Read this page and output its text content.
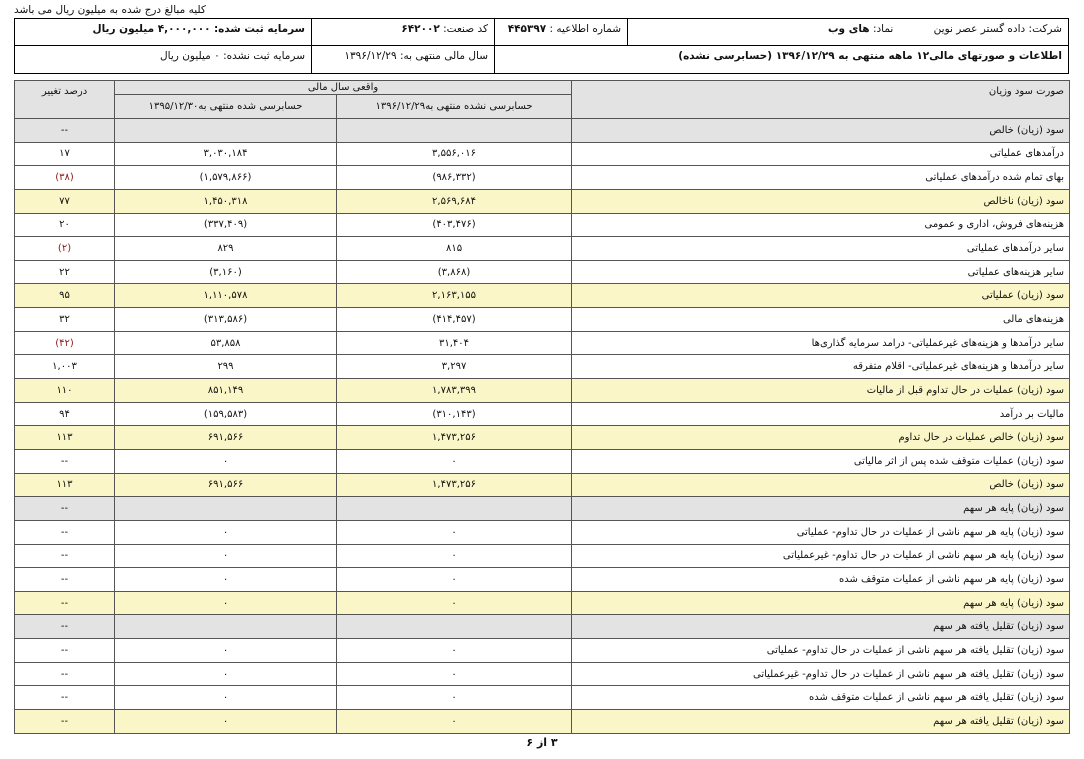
کلیه مبالغ درج شده به میلیون ریال می باشد
شرکت: داده گستر عصر نوین
نماد: های وب
شماره اطلاعیه : ۴۴۵۳۹۷
کد صنعت: ۶۴۲۰۰۲
سرمایه ثبت شده: ۴,۰۰۰,۰۰۰ میلیون ریال
اطلاعات و صورتهای مالی۱۲ ماهه منتهی به ۱۳۹۶/۱۲/۲۹ (حسابرسی نشده)
سال مالی منتهی به: ۱۳۹۶/۱۲/۲۹
سرمایه ثبت نشده: ۰ میلیون ریال
صورت سود وزیان	واقعی سال مالی		درصد تغییر
	حسابرسی نشده منتهی به۱۳۹۶/۱۲/۲۹	حسابرسی شده منتهی به۱۳۹۵/۱۲/۳۰	
سود (زیان) خالص			--
درآمدهای عملیاتی	۳,۵۵۶,۰۱۶	۳,۰۳۰,۱۸۴	۱۷
بهای تمام شده درآمدهای عملیاتی	(۹۸۶,۳۳۲)	(۱,۵۷۹,۸۶۶)	(۳۸)
سود (زیان) ناخالص	۲,۵۶۹,۶۸۴	۱,۴۵۰,۳۱۸	۷۷
هزینه‌های فروش، اداری و عمومی	(۴۰۳,۴۷۶)	(۳۳۷,۴۰۹)	۲۰
سایر درآمدهای عملیاتی	۸۱۵	۸۲۹	(۲)
سایر هزینه‌های عملیاتی	(۳,۸۶۸)	(۳,۱۶۰)	۲۲
سود (زیان) عملیاتی	۲,۱۶۳,۱۵۵	۱,۱۱۰,۵۷۸	۹۵
هزینه‌های مالی	(۴۱۴,۴۵۷)	(۳۱۳,۵۸۶)	۳۲
سایر درآمدها و هزینه‌های غیرعملیاتی- درامد سرمایه گذاری‌ها	۳۱,۴۰۴	۵۳,۸۵۸	(۴۲)
سایر درآمدها و هزینه‌های غیرعملیاتی- اقلام متفرقه	۳,۲۹۷	۲۹۹	۱,۰۰۳
سود (زیان) عملیات در حال تداوم قبل از مالیات	۱,۷۸۳,۳۹۹	۸۵۱,۱۴۹	۱۱۰
مالیات بر درآمد	(۳۱۰,۱۴۳)	(۱۵۹,۵۸۳)	۹۴
سود (زیان) خالص عملیات در حال تداوم	۱,۴۷۳,۲۵۶	۶۹۱,۵۶۶	۱۱۳
سود (زیان) عملیات متوقف شده پس از اثر مالیاتی	۰	۰	--
سود (زیان) خالص	۱,۴۷۳,۲۵۶	۶۹۱,۵۶۶	۱۱۳
سود (زیان) پایه هر سهم			--
سود (زیان) پایه هر سهم ناشی از عملیات در حال تداوم- عملیاتی	۰	۰	--
سود (زیان) پایه هر سهم ناشی از عملیات در حال تداوم- غیرعملیاتی	۰	۰	--
سود (زیان) پایه هر سهم ناشی از عملیات متوقف شده	۰	۰	--
سود (زیان) پایه هر سهم	۰	۰	--
سود (زیان) تقلیل یافته هر سهم			--
سود (زیان) تقلیل یافته هر سهم ناشی از عملیات در حال تداوم- عملیاتی	۰	۰	--
سود (زیان) تقلیل یافته هر سهم ناشی از عملیات در حال تداوم- غیرعملیاتی	۰	۰	--
سود (زیان) تقلیل یافته هر سهم ناشی از عملیات متوقف شده	۰	۰	--
سود (زیان) تقلیل یافته هر سهم	۰	۰	--
۳ از ۶
